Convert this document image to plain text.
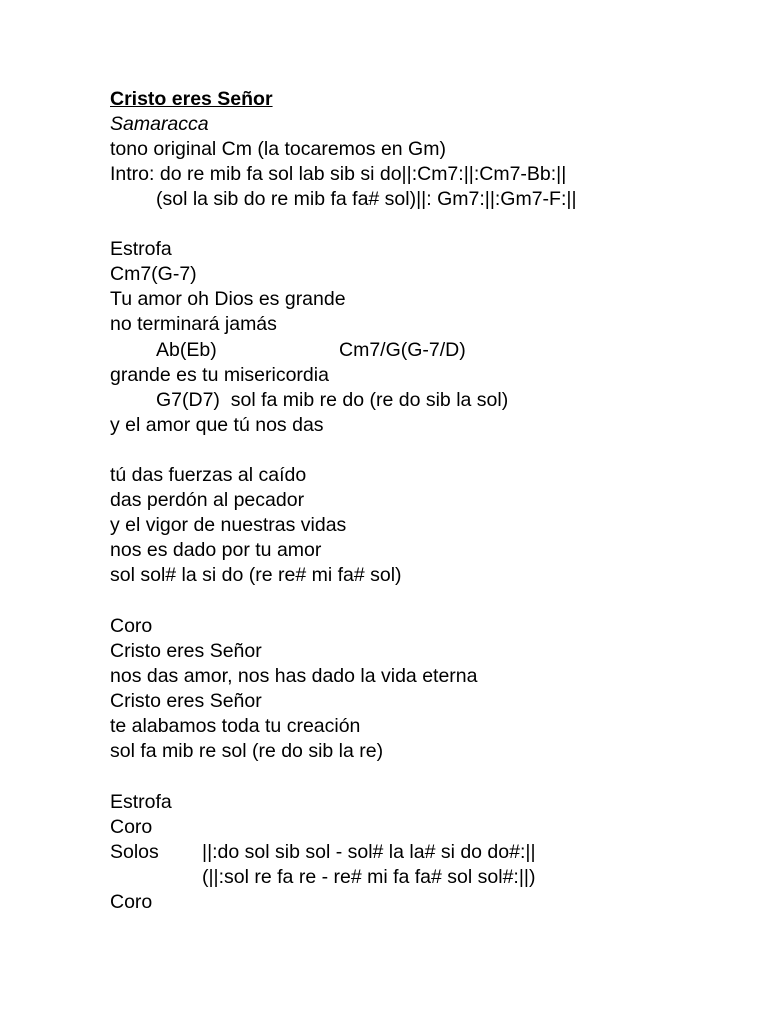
Cristo eres Señor
Samaracca
tono original Cm (la tocaremos en Gm)
Intro: do re mib fa sol lab sib si do||:Cm7:||:Cm7-Bb:||
(sol la sib do re mib fa fa# sol)||: Gm7:||:Gm7-F:||
Estrofa
Cm7(G-7)
Tu amor oh Dios es grande
no terminará jamás
Ab(Eb)	Cm7/G(G-7/D)
grande es tu misericordia
G7(D7)  sol fa mib re do (re do sib la sol)
y el amor que tú nos das
tú das fuerzas al caído
das perdón al pecador
y el vigor de nuestras vidas
nos es dado por tu amor
sol sol# la si do (re re# mi fa# sol)
Coro
Cristo eres Señor
nos das amor, nos has dado la vida eterna
Cristo eres Señor
te alabamos toda tu creación
sol fa mib re sol (re do sib la re)
Estrofa
Coro
Solos ||:do sol sib sol - sol# la la# si do do#:||
(||:sol re fa re - re# mi fa fa# sol sol#:||)
Coro
